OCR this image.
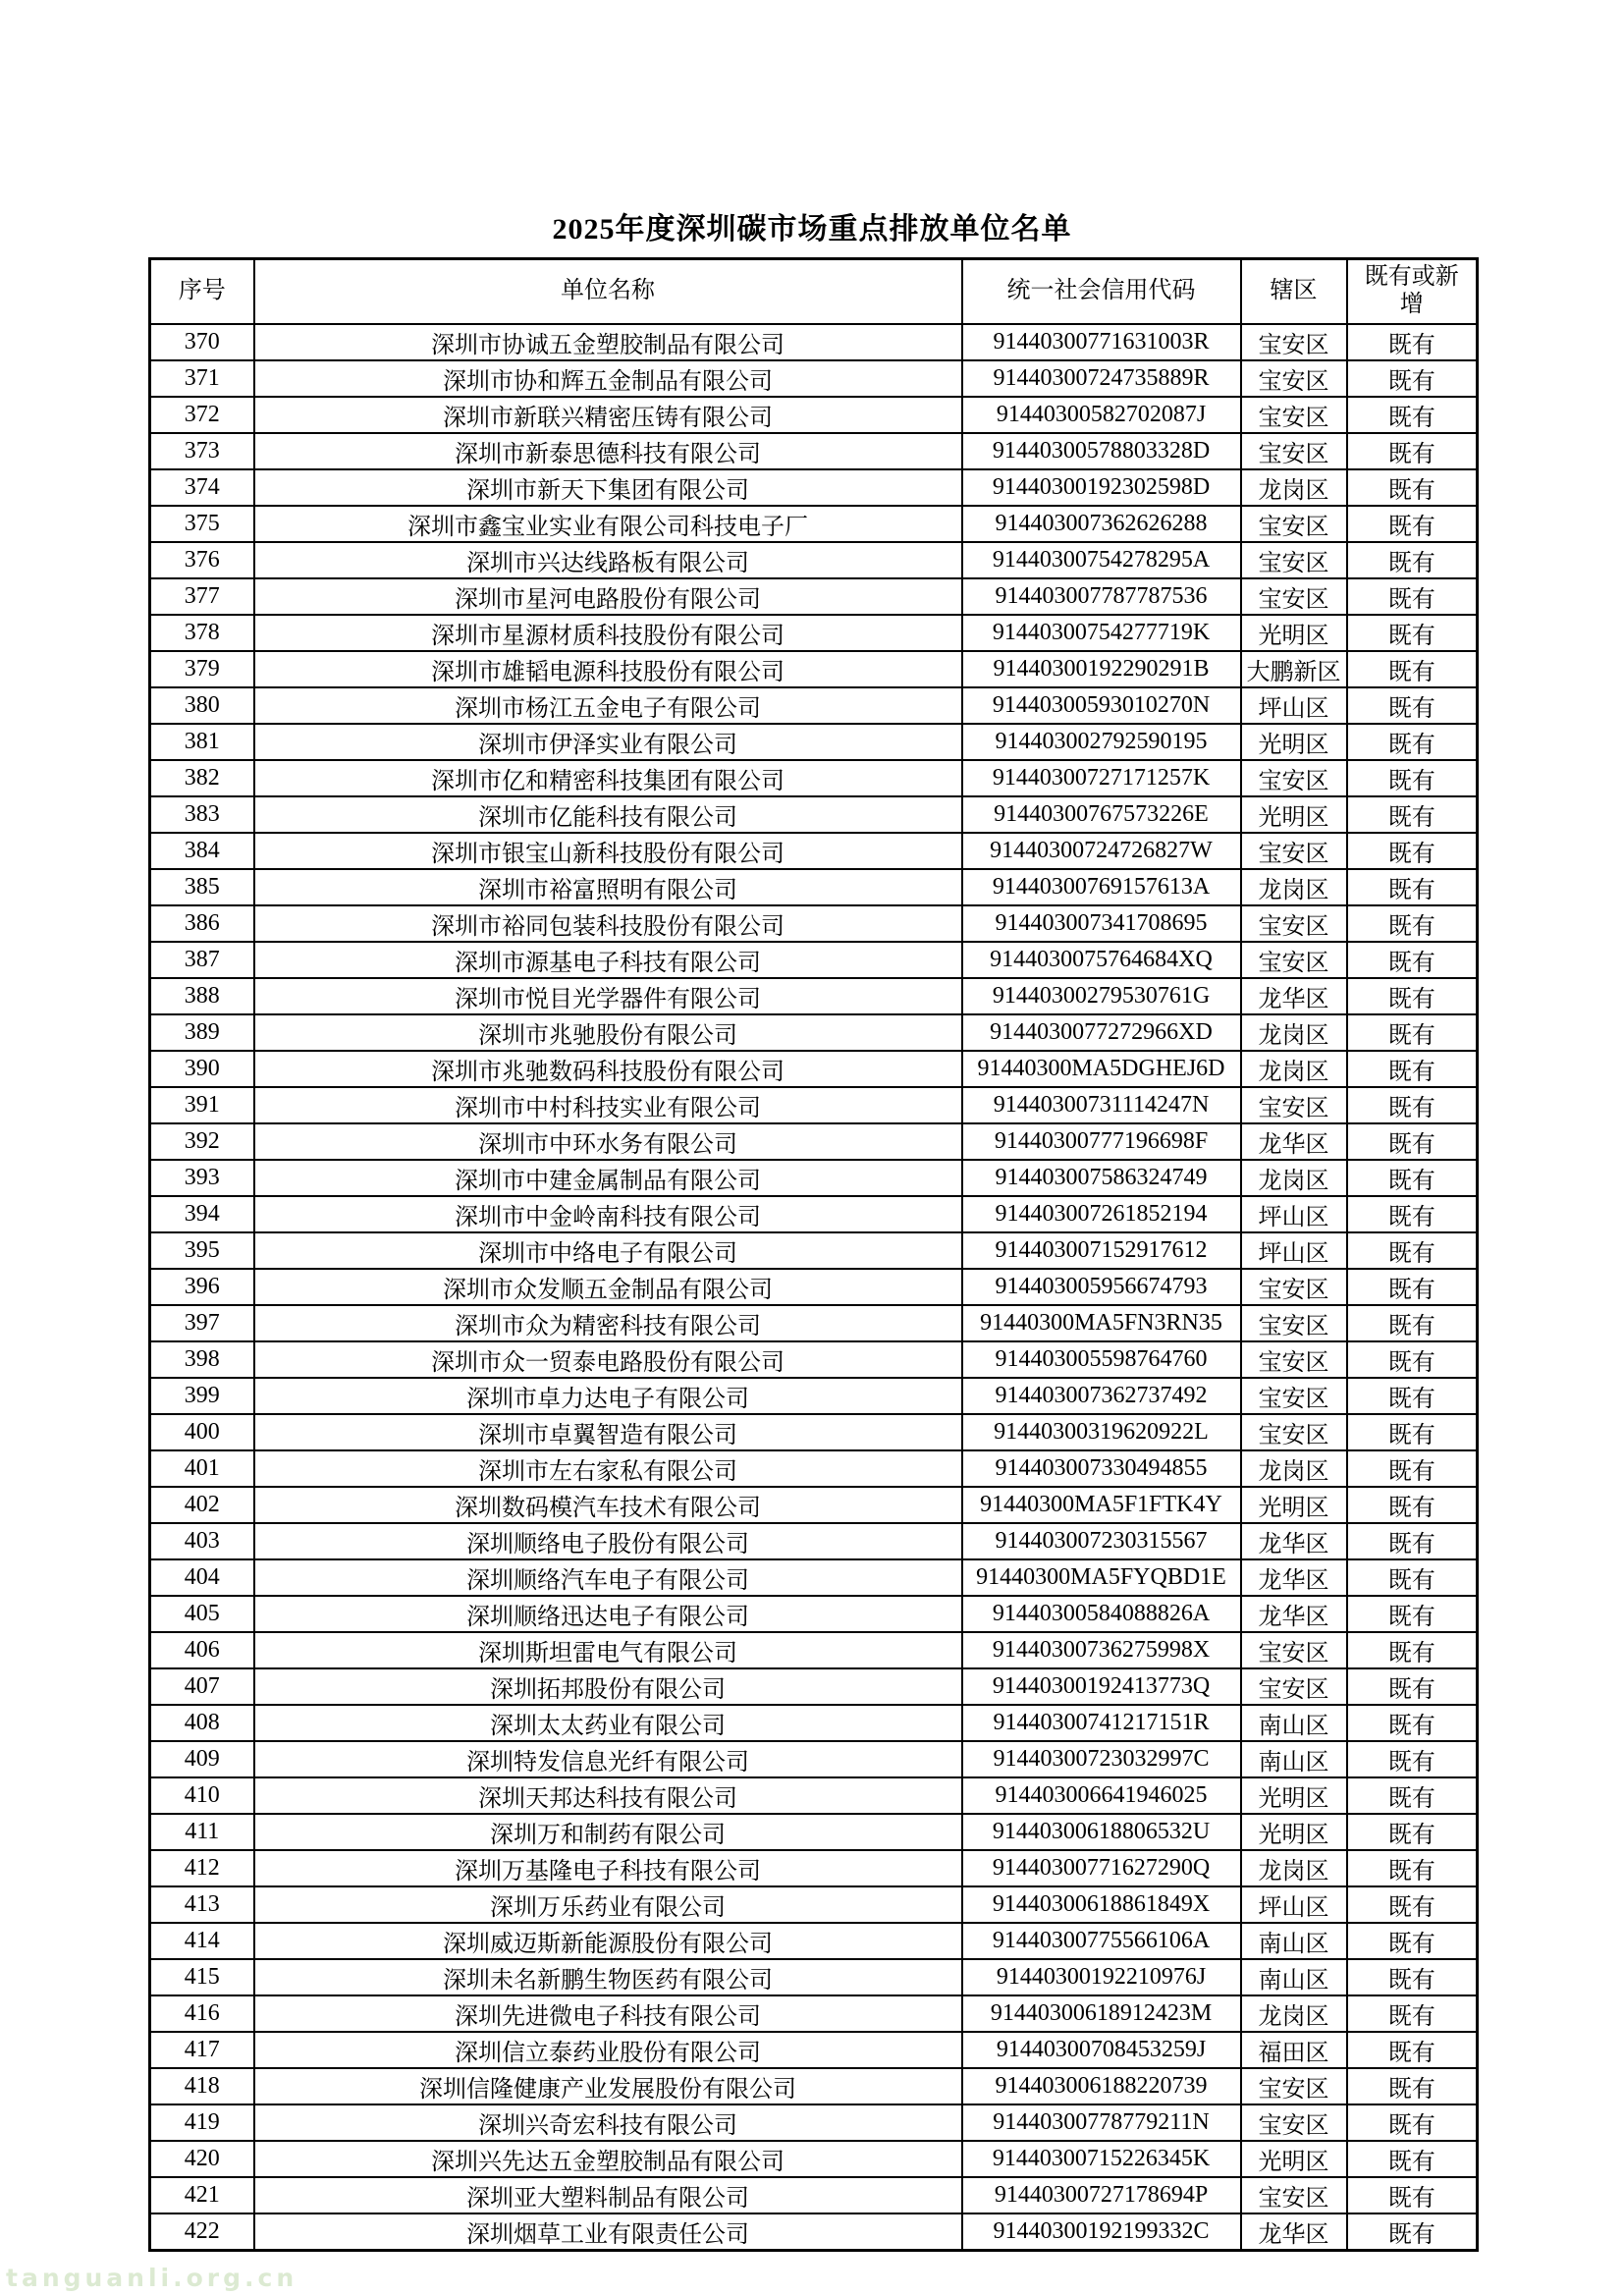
2025年度深圳碳市场重点排放单位名单
序号	单位名称	统一社会信用代码	辖区	既有或新增
370	深圳市协诚五金塑胶制品有限公司	91440300771631003R	宝安区	既有
371	深圳市协和辉五金制品有限公司	91440300724735889R	宝安区	既有
372	深圳市新联兴精密压铸有限公司	91440300582702087J	宝安区	既有
373	深圳市新泰思德科技有限公司	91440300578803328D	宝安区	既有
374	深圳市新天下集团有限公司	91440300192302598D	龙岗区	既有
375	深圳市鑫宝业实业有限公司科技电子厂	914403007362626288	宝安区	既有
376	深圳市兴达线路板有限公司	91440300754278295A	宝安区	既有
377	深圳市星河电路股份有限公司	914403007787787536	宝安区	既有
378	深圳市星源材质科技股份有限公司	91440300754277719K	光明区	既有
379	深圳市雄韬电源科技股份有限公司	91440300192290291B	大鹏新区	既有
380	深圳市杨江五金电子有限公司	91440300593010270N	坪山区	既有
381	深圳市伊泽实业有限公司	914403002792590195	光明区	既有
382	深圳市亿和精密科技集团有限公司	91440300727171257K	宝安区	既有
383	深圳市亿能科技有限公司	91440300767573226E	光明区	既有
384	深圳市银宝山新科技股份有限公司	91440300724726827W	宝安区	既有
385	深圳市裕富照明有限公司	91440300769157613A	龙岗区	既有
386	深圳市裕同包装科技股份有限公司	914403007341708695	宝安区	既有
387	深圳市源基电子科技有限公司	9144030075764684XQ	宝安区	既有
388	深圳市悦目光学器件有限公司	91440300279530761G	龙华区	既有
389	深圳市兆驰股份有限公司	9144030077272966XD	龙岗区	既有
390	深圳市兆驰数码科技股份有限公司	91440300MA5DGHEJ6D	龙岗区	既有
391	深圳市中村科技实业有限公司	91440300731114247N	宝安区	既有
392	深圳市中环水务有限公司	91440300777196698F	龙华区	既有
393	深圳市中建金属制品有限公司	914403007586324749	龙岗区	既有
394	深圳市中金岭南科技有限公司	914403007261852194	坪山区	既有
395	深圳市中络电子有限公司	914403007152917612	坪山区	既有
396	深圳市众发顺五金制品有限公司	914403005956674793	宝安区	既有
397	深圳市众为精密科技有限公司	91440300MA5FN3RN35	宝安区	既有
398	深圳市众一贸泰电路股份有限公司	914403005598764760	宝安区	既有
399	深圳市卓力达电子有限公司	914403007362737492	宝安区	既有
400	深圳市卓翼智造有限公司	91440300319620922L	宝安区	既有
401	深圳市左右家私有限公司	914403007330494855	龙岗区	既有
402	深圳数码模汽车技术有限公司	91440300MA5F1FTK4Y	光明区	既有
403	深圳顺络电子股份有限公司	914403007230315567	龙华区	既有
404	深圳顺络汽车电子有限公司	91440300MA5FYQBD1E	龙华区	既有
405	深圳顺络迅达电子有限公司	91440300584088826A	龙华区	既有
406	深圳斯坦雷电气有限公司	91440300736275998X	宝安区	既有
407	深圳拓邦股份有限公司	91440300192413773Q	宝安区	既有
408	深圳太太药业有限公司	91440300741217151R	南山区	既有
409	深圳特发信息光纤有限公司	91440300723032997C	南山区	既有
410	深圳天邦达科技有限公司	914403006641946025	光明区	既有
411	深圳万和制药有限公司	91440300618806532U	光明区	既有
412	深圳万基隆电子科技有限公司	91440300771627290Q	龙岗区	既有
413	深圳万乐药业有限公司	91440300618861849X	坪山区	既有
414	深圳威迈斯新能源股份有限公司	91440300775566106A	南山区	既有
415	深圳未名新鹏生物医药有限公司	91440300192210976J	南山区	既有
416	深圳先进微电子科技有限公司	91440300618912423M	龙岗区	既有
417	深圳信立泰药业股份有限公司	91440300708453259J	福田区	既有
418	深圳信隆健康产业发展股份有限公司	914403006188220739	宝安区	既有
419	深圳兴奇宏科技有限公司	91440300778779211N	宝安区	既有
420	深圳兴先达五金塑胶制品有限公司	91440300715226345K	光明区	既有
421	深圳亚大塑料制品有限公司	91440300727178694P	宝安区	既有
422	深圳烟草工业有限责任公司	91440300192199332C	龙华区	既有
tanguanli.org.cn
